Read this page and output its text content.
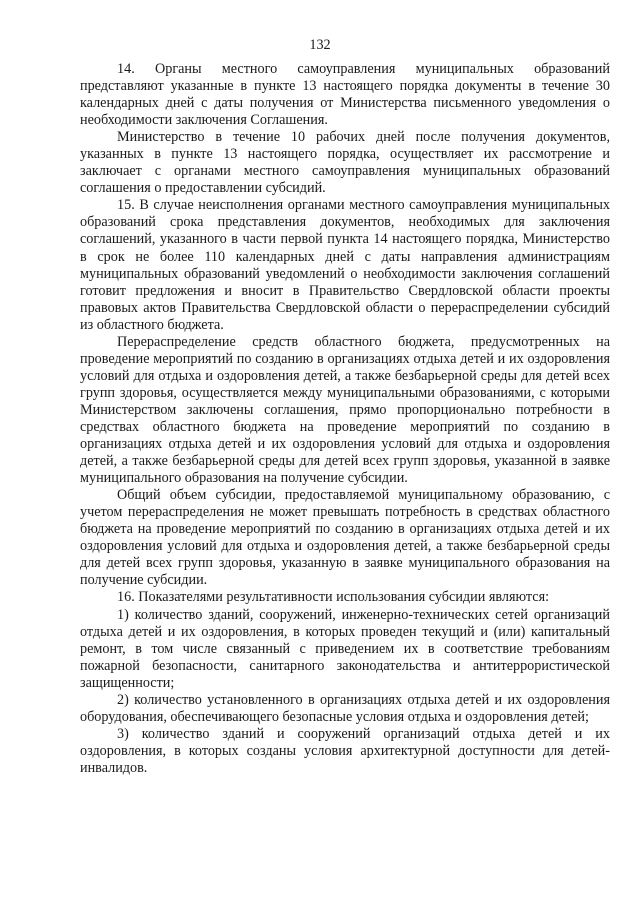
132

14. Органы местного самоуправления муниципальных образований представляют указанные в пункте 13 настоящего порядка документы в течение 30 календарных дней с даты получения от Министерства письменного уведомления о необходимости заключения Соглашения.

Министерство в течение 10 рабочих дней после получения документов, указанных в пункте 13 настоящего порядка, осуществляет их рассмотрение и заключает с органами местного самоуправления муниципальных образований соглашения о предоставлении субсидий.

15. В случае неисполнения органами местного самоуправления муниципальных образований срока представления документов, необходимых для заключения соглашений, указанного в части первой пункта 14 настоящего порядка, Министерство в срок не более 110 календарных дней с даты направления администрациям муниципальных образований уведомлений о необходимости заключения соглашений готовит предложения и вносит в Правительство Свердловской области проекты правовых актов Правительства Свердловской области о перераспределении субсидий из областного бюджета.

Перераспределение средств областного бюджета, предусмотренных на проведение мероприятий по созданию в организациях отдыха детей и их оздоровления условий для отдыха и оздоровления детей, а также безбарьерной среды для детей всех групп здоровья, осуществляется между муниципальными образованиями, с которыми Министерством заключены соглашения, прямо пропорционально потребности в средствах областного бюджета на проведение мероприятий по созданию в организациях отдыха детей и их оздоровления условий для отдыха и оздоровления детей, а также безбарьерной среды для детей всех групп здоровья, указанной в заявке муниципального образования на получение субсидии.

Общий объем субсидии, предоставляемой муниципальному образованию, с учетом перераспределения не может превышать потребность в средствах областного бюджета на проведение мероприятий по созданию в организациях отдыха детей и их оздоровления условий для отдыха и оздоровления детей, а также безбарьерной среды для детей всех групп здоровья, указанную в заявке муниципального образования на получение субсидии.

16. Показателями результативности использования субсидии являются:

1) количество зданий, сооружений, инженерно-технических сетей организаций отдыха детей и их оздоровления, в которых проведен текущий и (или) капитальный ремонт, в том числе связанный с приведением их в соответствие требованиям пожарной безопасности, санитарного законодательства и антитеррористической защищенности;

2) количество установленного в организациях отдыха детей и их оздоровления оборудования, обеспечивающего безопасные условия отдыха и оздоровления детей;

3) количество зданий и сооружений организаций отдыха детей и их оздоровления, в которых созданы условия архитектурной доступности для детей-инвалидов.
